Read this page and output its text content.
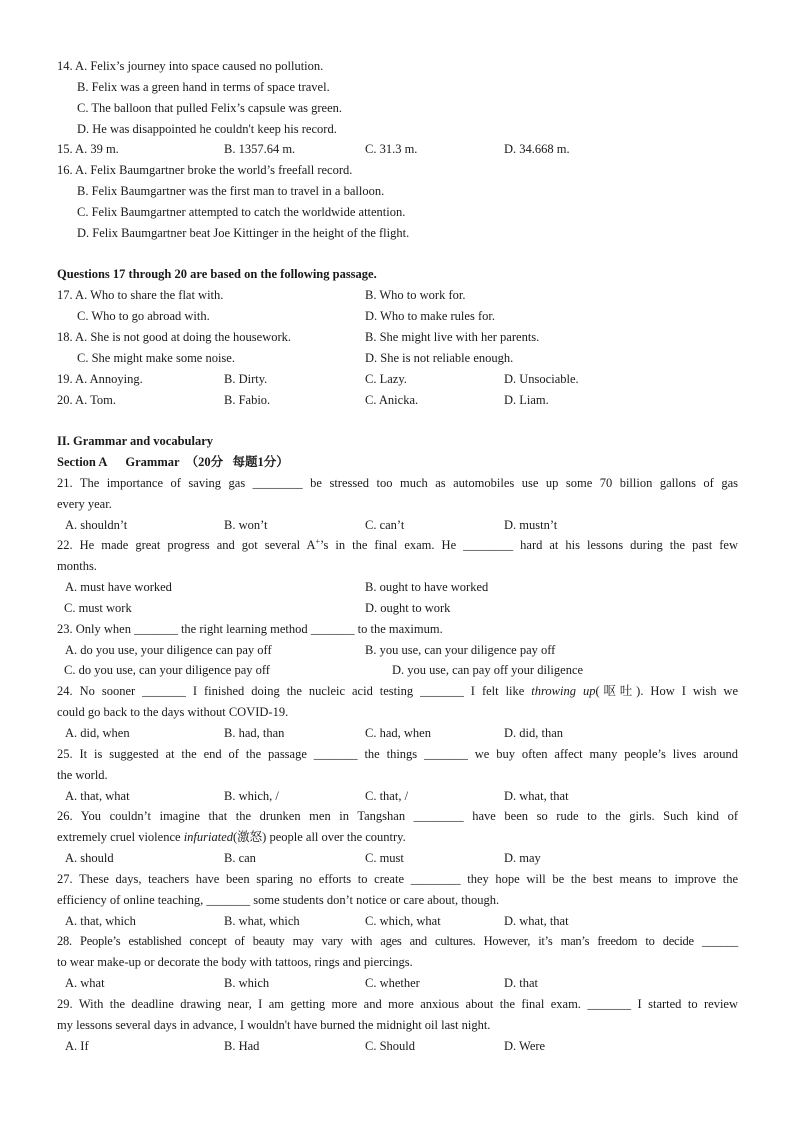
14. A. Felix’s journey into space caused no pollution.
B. Felix was a green hand in terms of space travel.
C. The balloon that pulled Felix’s capsule was green.
D. He was disappointed he couldn't keep his record.
15. A. 39 m.	B. 1357.64 m.	C. 31.3 m.	D. 34.668 m.
16. A. Felix Baumgartner broke the world’s freefall record.
B. Felix Baumgartner was the first man to travel in a balloon.
C. Felix Baumgartner attempted to catch the worldwide attention.
D. Felix Baumgartner beat Joe Kittinger in the height of the flight.
Questions 17 through 20 are based on the following passage.
17. A. Who to share the flat with.	B. Who to work for.
C. Who to go abroad with.	D. Who to make rules for.
18. A. She is not good at doing the housework.	B. She might live with her parents.
C. She might make some noise.	D. She is not reliable enough.
19. A. Annoying.	B. Dirty.	C. Lazy.	D. Unsociable.
20. A. Tom.	B. Fabio.	C. Anicka.	D. Liam.
II. Grammar and vocabulary
Section A      Grammar  （20分   每题1分）
21. The importance of saving gas ________ be stressed too much as automobiles use up some 70 billion gallons of gas
every year.
A. shouldn’t	B. won’t	C. can’t	D. mustn’t
22. He made great progress and got several A+’s in the final exam. He ________ hard at his lessons during the past few
months.
A. must have worked	B. ought to have worked
C. must work	D. ought to work
23. Only when _______ the right learning method _______ to the maximum.
A. do you use, your diligence can pay off	B. you use, can your diligence pay off
C. do you use, can your diligence pay off	D. you use, can pay off your diligence
24. No sooner _______ I finished doing the nucleic acid testing _______ I felt like throwing up(呕吐). How I wish we
could go back to the days without COVID-19.
A. did, when	B. had, than	C. had, when	D. did, than
25. It is suggested at the end of the passage _______ the things _______ we buy often affect many people’s lives around
the world.
A. that, what	B. which, /	C. that, /	D. what, that
26. You couldn’t imagine that the drunken men in Tangshan ________ have been so rude to the girls. Such kind of
extremely cruel violence infuriated(激怒) people all over the country.
A. should	B. can	C. must	D. may
27. These days, teachers have been sparing no efforts to create ________ they hope will be the best means to improve the
efficiency of online teaching, _______ some students don’t notice or care about, though.
A. that, which	B. what, which	C. which, what	D. what, that
28. People’s established concept of beauty may vary with ages and cultures. However, it’s man’s freedom to decide ______
to wear make-up or decorate the body with tattoos, rings and piercings.
A. what	B. which	C. whether	D. that
29. With the deadline drawing near, I am getting more and more anxious about the final exam. _______ I started to review
my lessons several days in advance, I wouldn't have burned the midnight oil last night.
A. If	B. Had	C. Should	D. Were
